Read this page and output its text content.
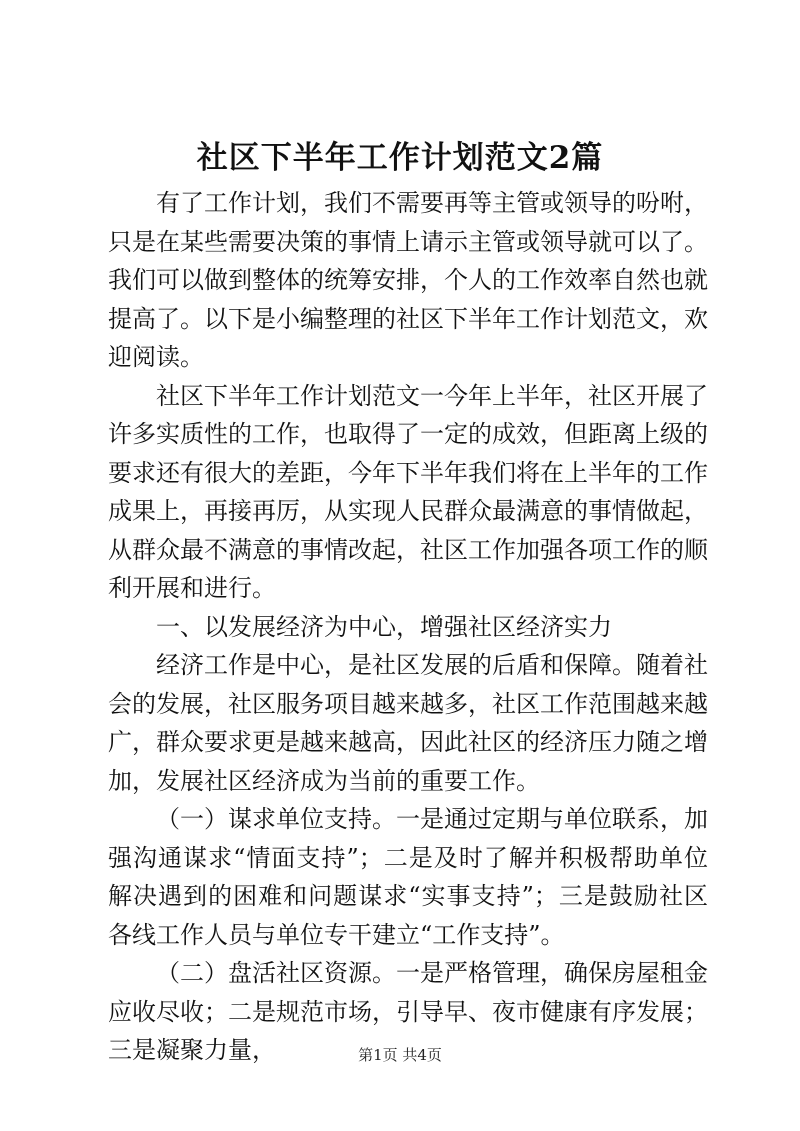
社区下半年工作计划范文2篇

有了工作计划，我们不需要再等主管或领导的吩咐，只是在某些需要决策的事情上请示主管或领导就可以了。我们可以做到整体的统筹安排，个人的工作效率自然也就提高了。以下是小编整理的社区下半年工作计划范文，欢迎阅读。

社区下半年工作计划范文一今年上半年，社区开展了许多实质性的工作，也取得了一定的成效，但距离上级的要求还有很大的差距，今年下半年我们将在上半年的工作成果上，再接再厉，从实现人民群众最满意的事情做起，从群众最不满意的事情改起，社区工作加强各项工作的顺利开展和进行。

一、以发展经济为中心，增强社区经济实力

经济工作是中心，是社区发展的后盾和保障。随着社会的发展，社区服务项目越来越多，社区工作范围越来越广，群众要求更是越来越高，因此社区的经济压力随之增加，发展社区经济成为当前的重要工作。

（一）谋求单位支持。一是通过定期与单位联系，加强沟通谋求“情面支持”；二是及时了解并积极帮助单位解决遇到的困难和问题谋求“实事支持”；三是鼓励社区各线工作人员与单位专干建立“工作支持”。

（二）盘活社区资源。一是严格管理，确保房屋租金应收尽收；二是规范市场，引导早、夜市健康有序发展；三是凝聚力量，	第1页 共4页
